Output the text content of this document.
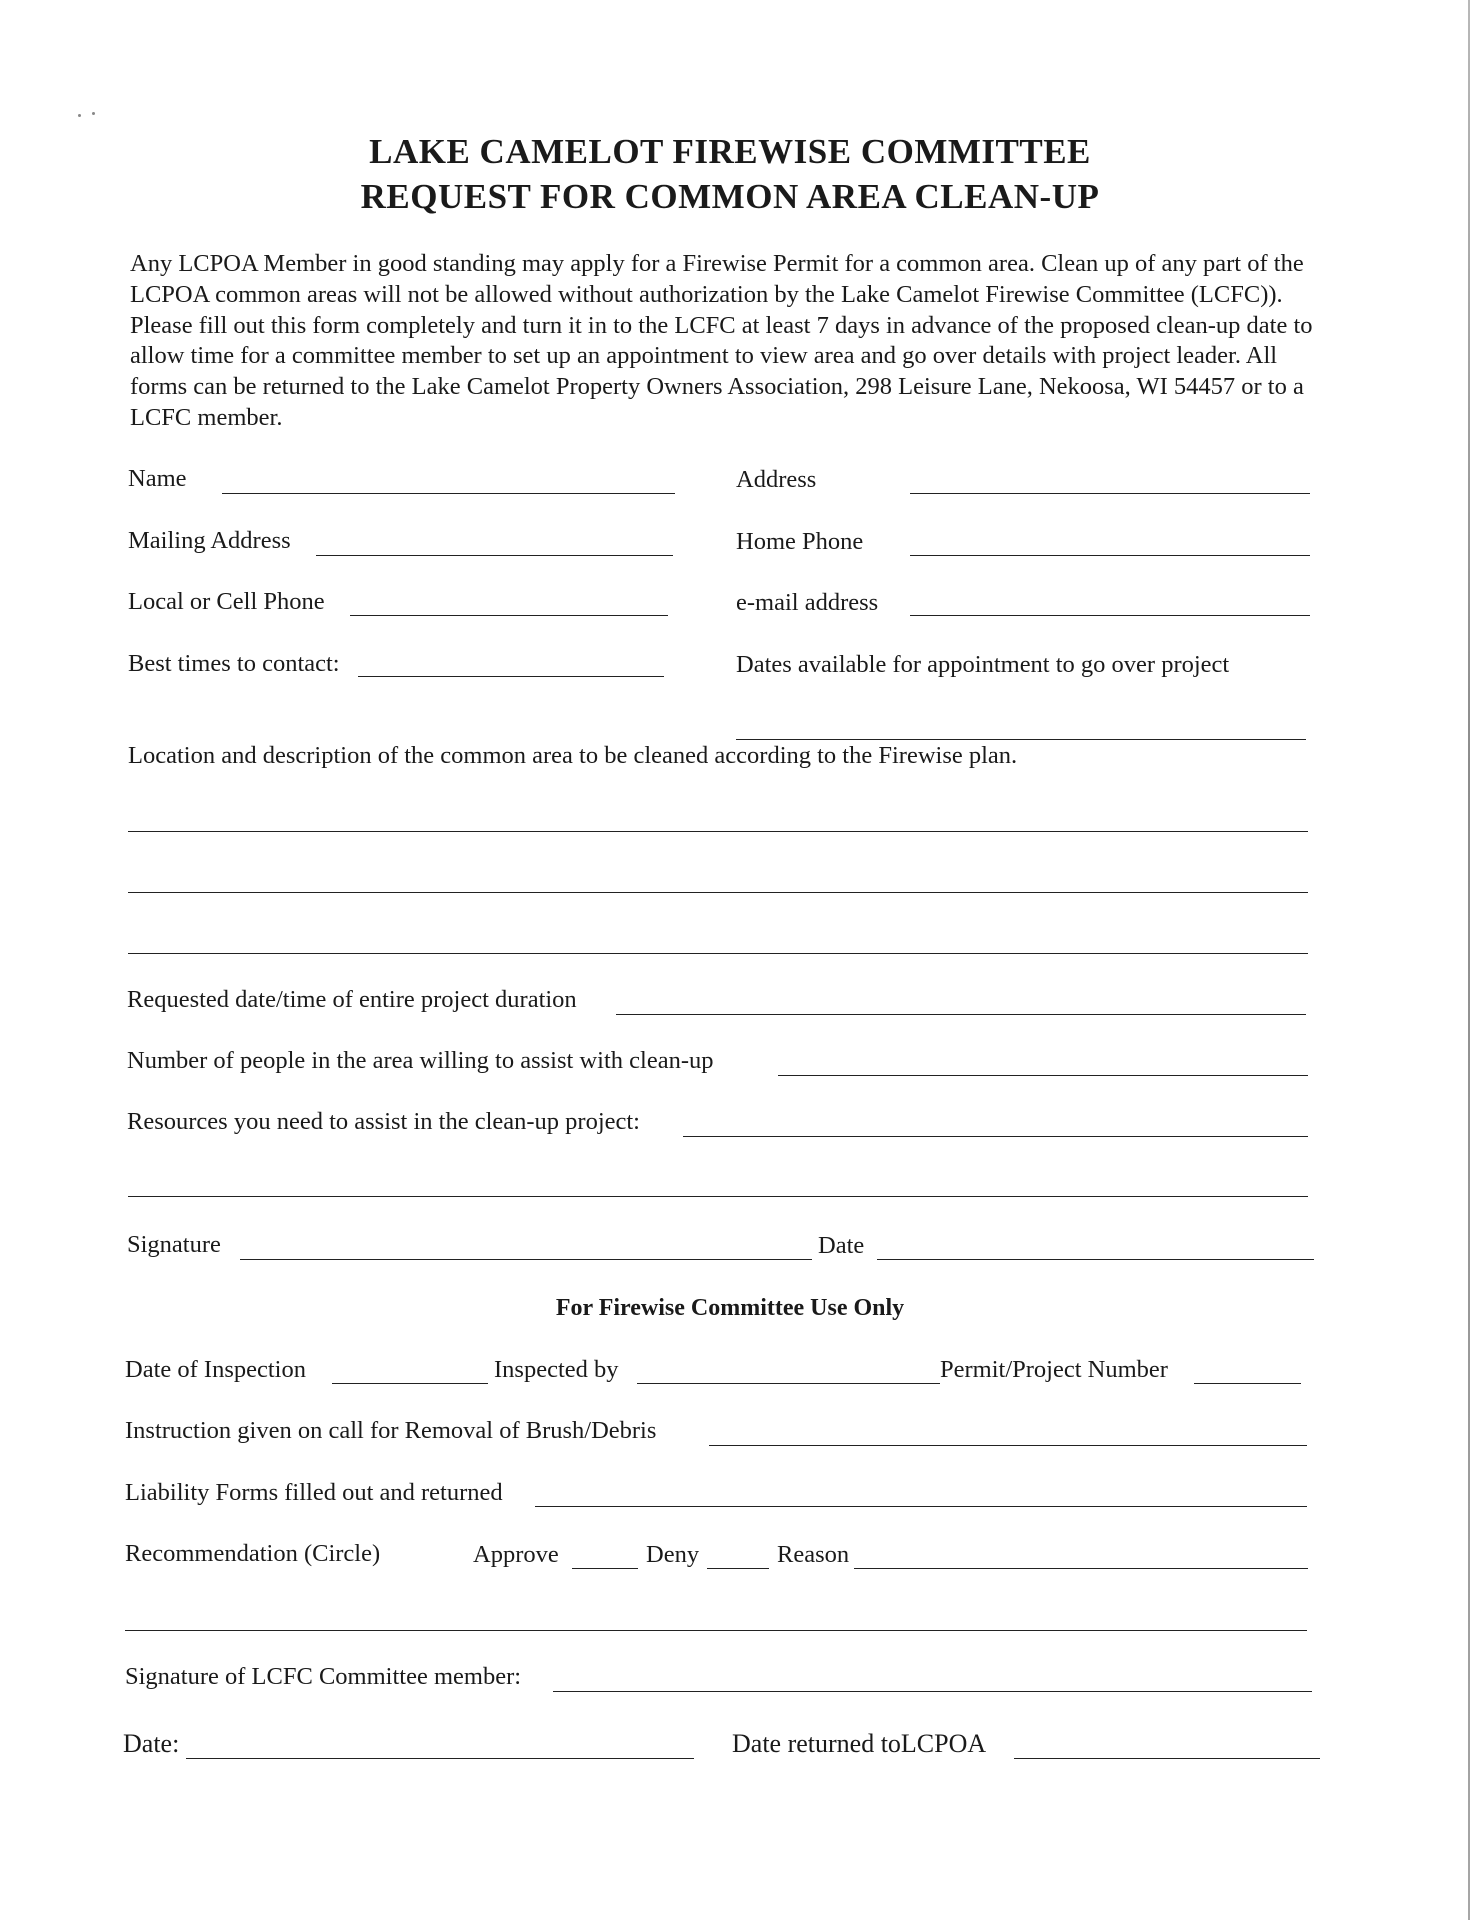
LAKE CAMELOT FIREWISE COMMITTEE
REQUEST FOR COMMON AREA CLEAN-UP

Any LCPOA Member in good standing may apply for a Firewise Permit for a common area. Clean up of any part of the LCPOA common areas will not be allowed without authorization by the Lake Camelot Firewise Committee (LCFC)). Please fill out this form completely and turn it in to the LCFC at least 7 days in advance of the proposed clean-up date to allow time for a committee member to set up an appointment to view area and go over details with project leader. All forms can be returned to the Lake Camelot Property Owners Association, 298 Leisure Lane, Nekoosa, WI 54457 or to a LCFC member.

Name	Address
Mailing Address	Home Phone
Local or Cell Phone	e-mail address
Best times to contact:	Dates available for appointment to go over project
Location and description of the common area to be cleaned according to the Firewise plan.
Requested date/time of entire project duration
Number of people in the area willing to assist with clean-up
Resources you need to assist in the clean-up project:
Signature	Date
For Firewise Committee Use Only
Date of Inspection	Inspected by	Permit/Project Number
Instruction given on call for Removal of Brush/Debris
Liability Forms filled out and returned
Recommendation (Circle)	Approve	Deny	Reason
Signature of LCFC Committee member:
Date:	Date returned toLCPOA
